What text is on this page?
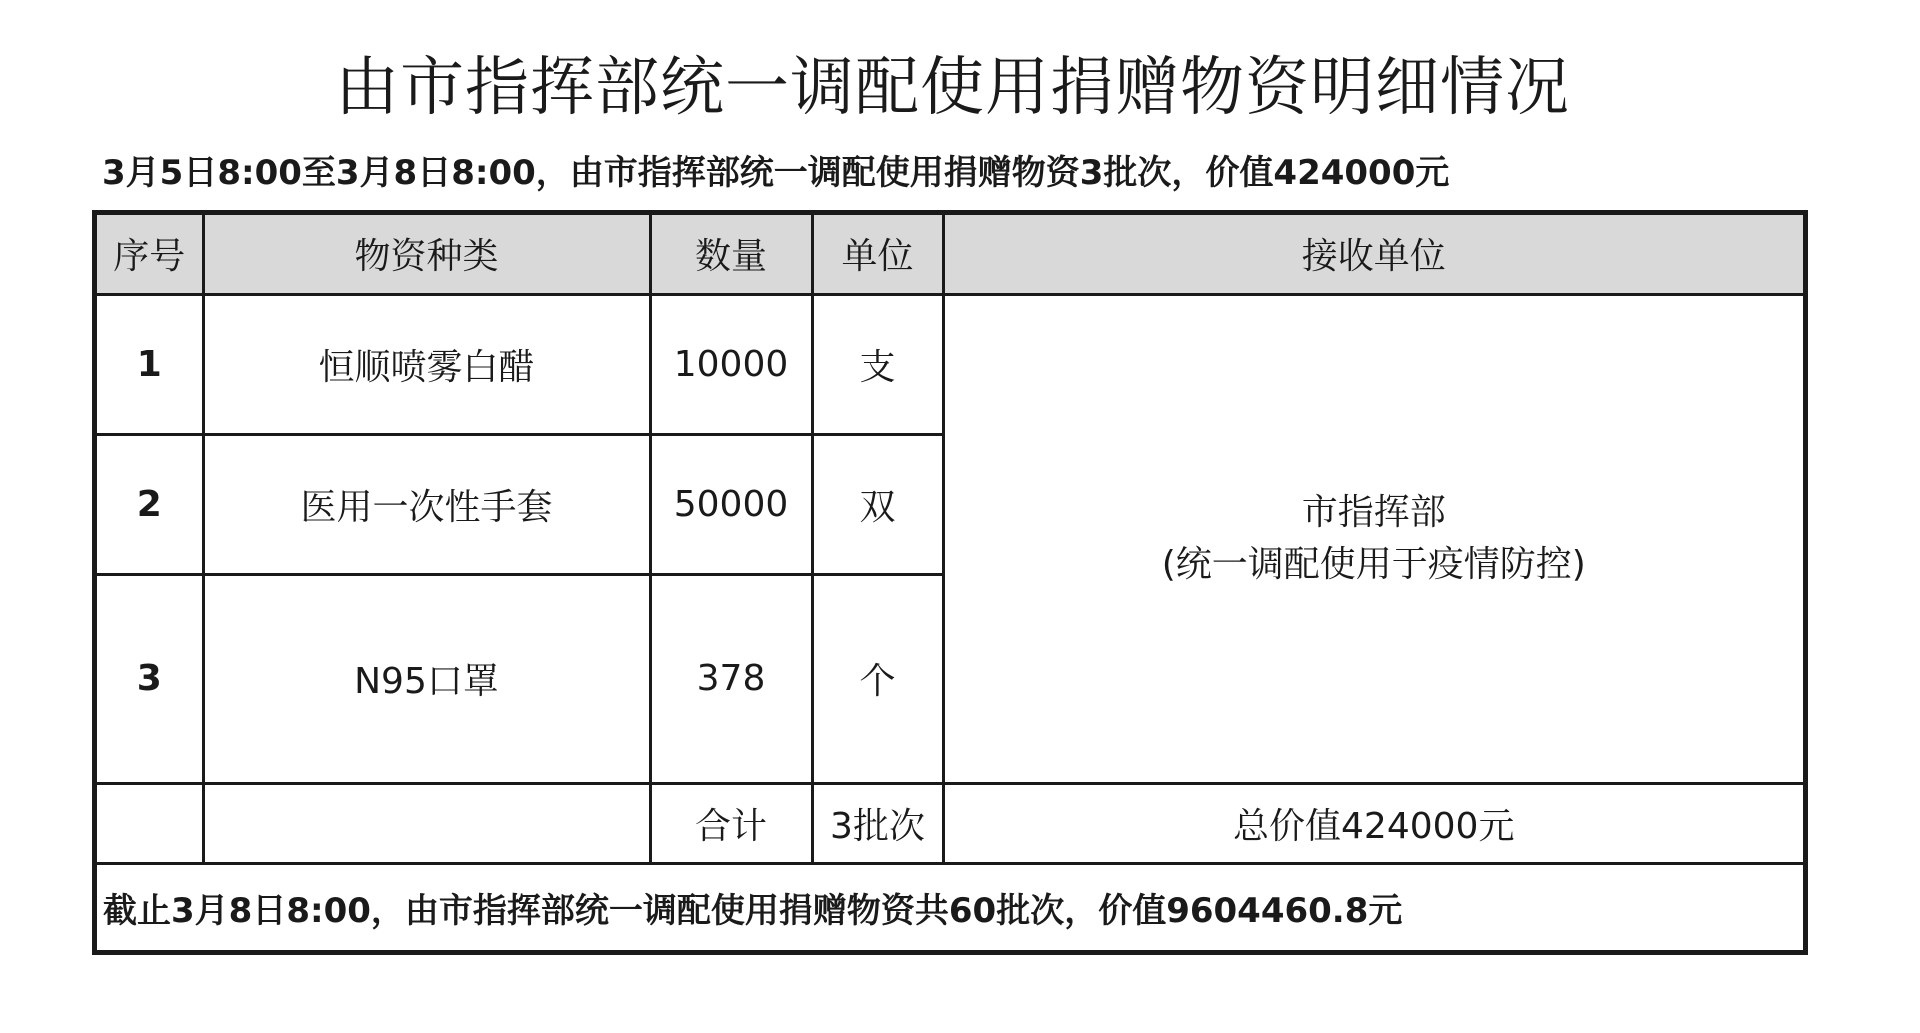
由市指挥部统一调配使用捐赠物资明细情况
3月5日8:00至3月8日8:00，由市指挥部统一调配使用捐赠物资3批次，价值424000元
序号	物资种类	数量	单位	接收单位
1	恒顺喷雾白醋	10000	支	市指挥部
(统一调配使用于疫情防控)

2	医用一次性手套	50000	双	
3	N95口罩	378	个	
		合计	3批次	总价值424000元
截止3月8日8:00，由市指挥部统一调配使用捐赠物资共60批次，价值9604460.8元				
